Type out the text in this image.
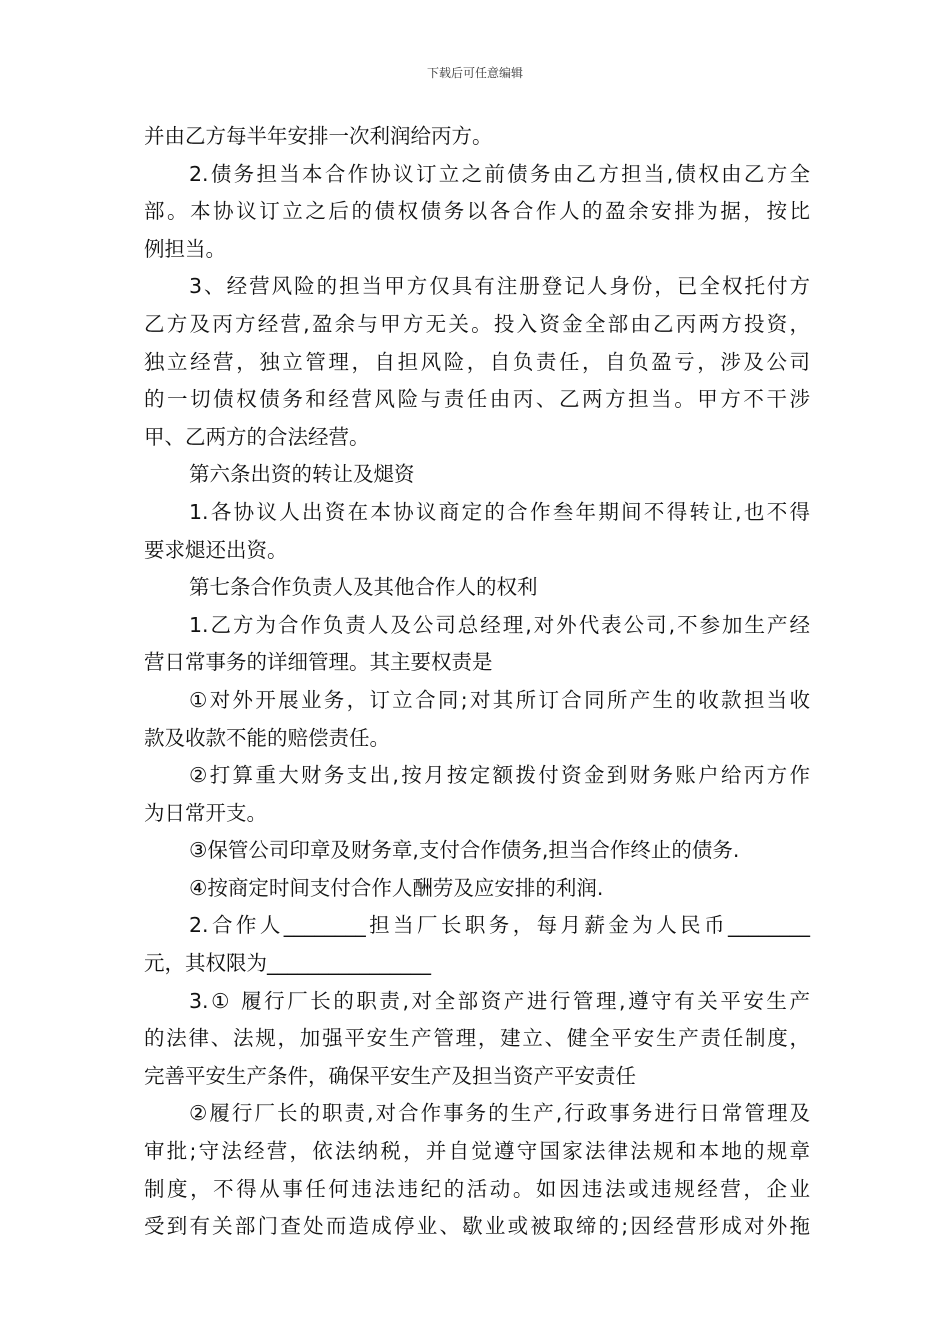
下载后可任意编辑
并由乙方每半年安排一次利润给丙方。
2.债务担当本合作协议订立之前债务由乙方担当,债权由乙方全
部。本协议订立之后的债权债务以各合作人的盈余安排为据，按比
例担当。
3、经营风险的担当甲方仅具有注册登记人身份，已全权托付方
乙方及丙方经营,盈余与甲方无关。投入资金全部由乙丙两方投资，
独立经营，独立管理，自担风险，自负责任，自负盈亏，涉及公司
的一切债权债务和经营风险与责任由丙、乙两方担当。甲方不干涉
甲、乙两方的合法经营。
第六条出资的转让及煺资
1.各协议人出资在本协议商定的合作叁年期间不得转让,也不得
要求煺还出资。
第七条合作负责人及其他合作人的权利
1.乙方为合作负责人及公司总经理,对外代表公司,不参加生产经
营日常事务的详细管理。其主要权责是
①对外开展业务，订立合同;对其所订合同所产生的收款担当收
款及收款不能的赔偿责任。
②打算重大财务支出,按月按定额拨付资金到财务账户给丙方作
为日常开支。
③保管公司印章及财务章,支付合作债务,担当合作终止的债务.
④按商定时间支付合作人酬劳及应安排的利润.
2.合作人________担当厂长职务，每月薪金为人民币________
元，其权限为________________
3.① 履行厂长的职责,对全部资产进行管理,遵守有关平安生产
的法律、法规，加强平安生产管理，建立、健全平安生产责任制度，
完善平安生产条件，确保平安生产及担当资产平安责任
②履行厂长的职责,对合作事务的生产,行政事务进行日常管理及
审批;守法经营，依法纳税，并自觉遵守国家法律法规和本地的规章
制度，不得从事任何违法违纪的活动。如因违法或违规经营，企业
受到有关部门查处而造成停业、歇业或被取缔的;因经营形成对外拖
